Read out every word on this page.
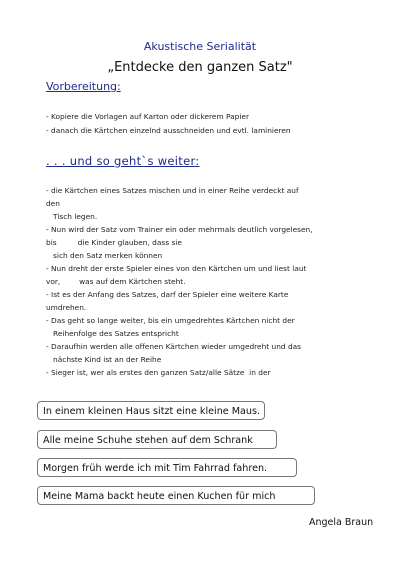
Akustische Serialität
„Entdecke den ganzen Satz"
Vorbereitung:
- Kopiere die Vorlagen auf Karton oder dickerem Papier
- danach die Kärtchen einzelnd ausschneiden und evtl. laminieren
. . . und so geht`s weiter:
- die Kärtchen eines Satzes mischen und in einer Reihe verdeckt auf
den
Tisch legen.
- Nun wird der Satz vom Trainer ein oder mehrmals deutlich vorgelesen,
bis         die Kinder glauben, dass sie
sich den Satz merken können
- Nun dreht der erste Spieler eines von den Kärtchen um und liest laut
vor,        was auf dem Kärtchen steht.
- Ist es der Anfang des Satzes, darf der Spieler eine weitere Karte
umdrehen.
- Das geht so lange weiter, bis ein umgedrehtes Kärtchen nicht der
Reihenfolge des Satzes entspricht
- Daraufhin werden alle offenen Kärtchen wieder umgedreht und das
nächste Kind ist an der Reihe
- Sieger ist, wer als erstes den ganzen Satz/alle Sätze  in der
In einem kleinen Haus sitzt eine kleine Maus.
Alle meine Schuhe stehen auf dem Schrank
Morgen früh werde ich mit Tim Fahrrad fahren.
Meine Mama backt heute einen Kuchen für mich
Angela Braun
